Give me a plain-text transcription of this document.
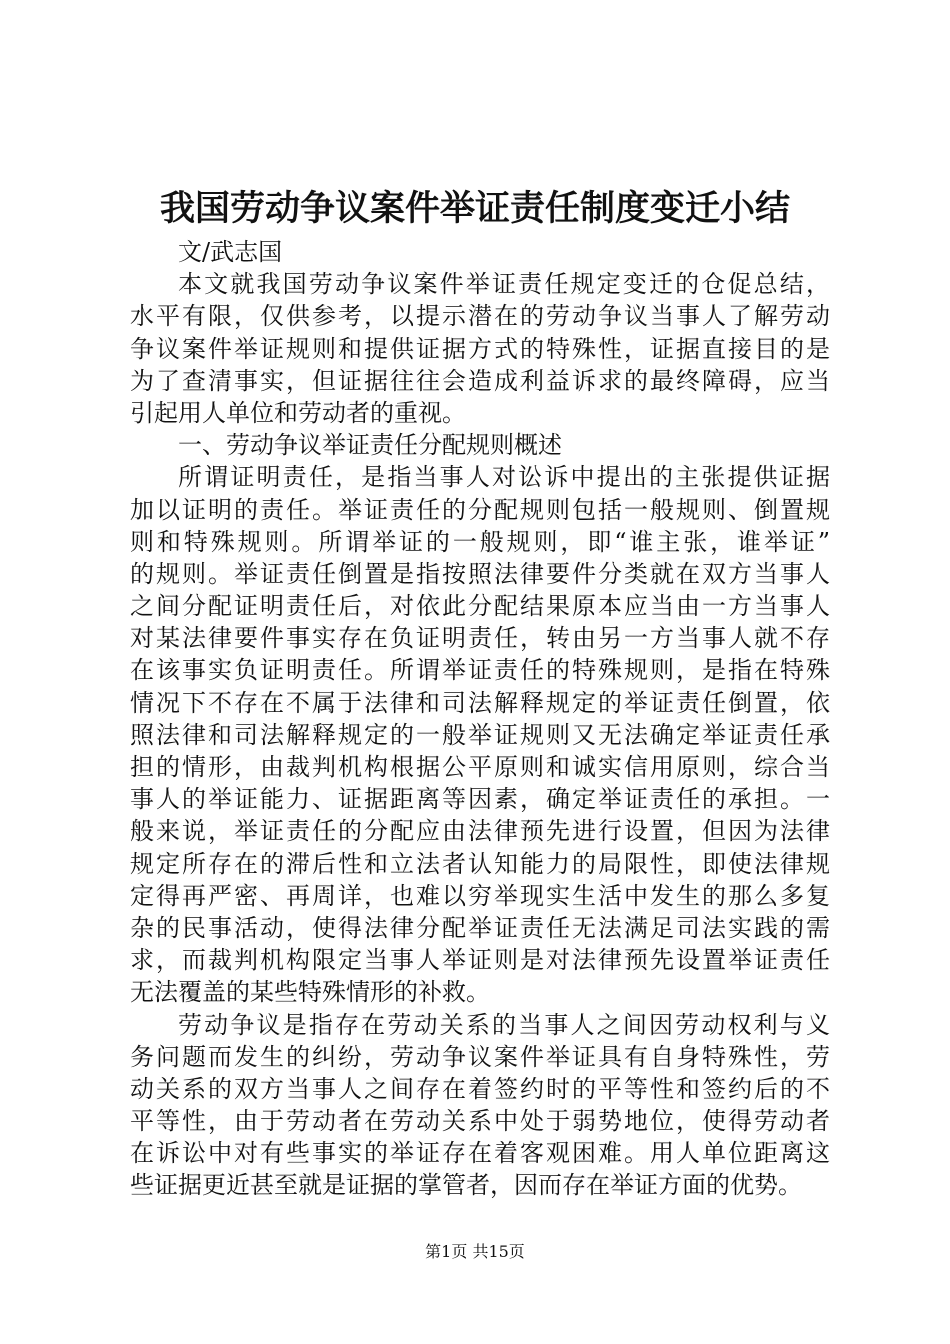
我国劳动争议案件举证责任制度变迁小结
文/武志国
本文就我国劳动争议案件举证责任规定变迁的仓促总结，
水平有限，仅供参考，以提示潜在的劳动争议当事人了解劳动
争议案件举证规则和提供证据方式的特殊性，证据直接目的是
为了查清事实，但证据往往会造成利益诉求的最终障碍，应当
引起用人单位和劳动者的重视。
一、劳动争议举证责任分配规则概述
所谓证明责任，是指当事人对讼诉中提出的主张提供证据
加以证明的责任。举证责任的分配规则包括一般规则、倒置规
则和特殊规则。所谓举证的一般规则，即“谁主张，谁举证”
的规则。举证责任倒置是指按照法律要件分类就在双方当事人
之间分配证明责任后，对依此分配结果原本应当由一方当事人
对某法律要件事实存在负证明责任，转由另一方当事人就不存
在该事实负证明责任。所谓举证责任的特殊规则，是指在特殊
情况下不存在不属于法律和司法解释规定的举证责任倒置，依
照法律和司法解释规定的一般举证规则又无法确定举证责任承
担的情形，由裁判机构根据公平原则和诚实信用原则，综合当
事人的举证能力、证据距离等因素，确定举证责任的承担。一
般来说，举证责任的分配应由法律预先进行设置，但因为法律
规定所存在的滞后性和立法者认知能力的局限性，即使法律规
定得再严密、再周详，也难以穷举现实生活中发生的那么多复
杂的民事活动，使得法律分配举证责任无法满足司法实践的需
求，而裁判机构限定当事人举证则是对法律预先设置举证责任
无法覆盖的某些特殊情形的补救。
劳动争议是指存在劳动关系的当事人之间因劳动权利与义
务问题而发生的纠纷，劳动争议案件举证具有自身特殊性，劳
动关系的双方当事人之间存在着签约时的平等性和签约后的不
平等性，由于劳动者在劳动关系中处于弱势地位，使得劳动者
在诉讼中对有些事实的举证存在着客观困难。用人单位距离这
些证据更近甚至就是证据的掌管者，因而存在举证方面的优势。
第1页 共15页
